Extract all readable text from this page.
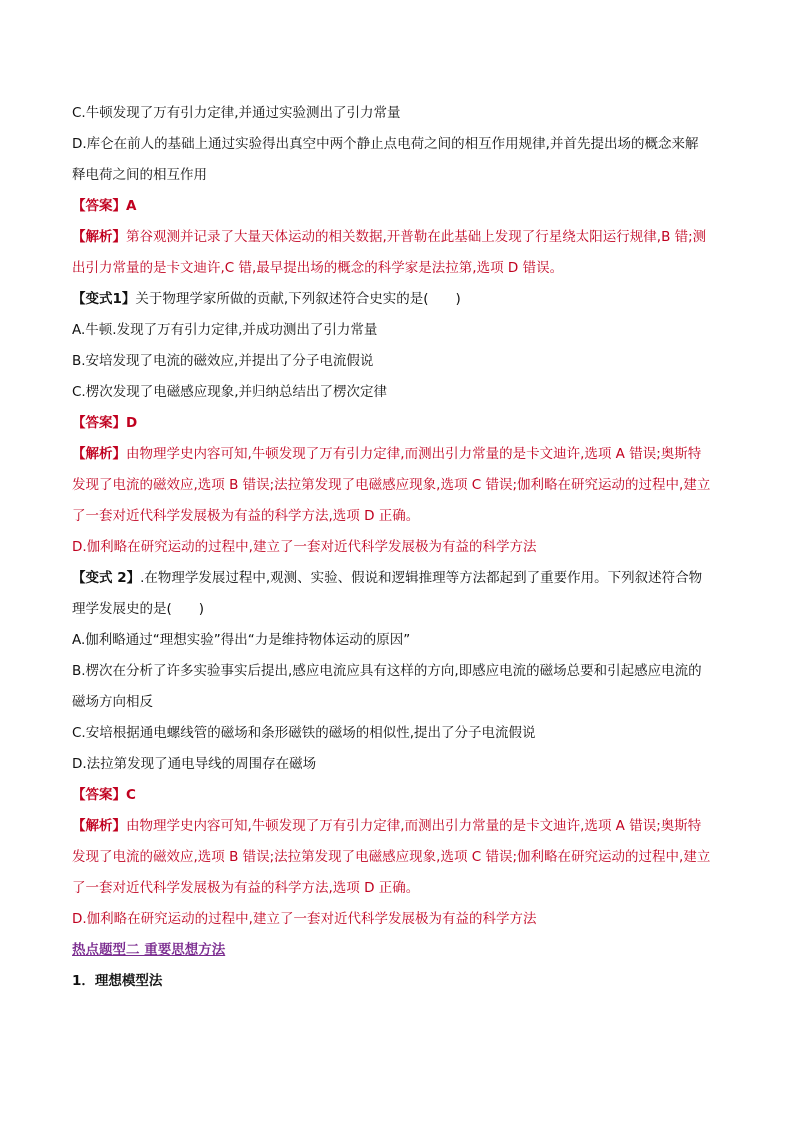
C.牛顿发现了万有引力定律,并通过实验测出了引力常量
D.库仑在前人的基础上通过实验得出真空中两个静止点电荷之间的相互作用规律,并首先提出场的概念来解
释电荷之间的相互作用
【答案】A
【解析】第谷观测并记录了大量天体运动的相关数据,开普勒在此基础上发现了行星绕太阳运行规律,B 错;测
出引力常量的是卡文迪许,C 错,最早提出场的概念的科学家是法拉第,选项 D 错误。
【变式1】关于物理学家所做的贡献,下列叙述符合史实的是(　　)
A.牛顿.发现了万有引力定律,并成功测出了引力常量
B.安培发现了电流的磁效应,并提出了分子电流假说
C.楞次发现了电磁感应现象,并归纳总结出了楞次定律
【答案】D
【解析】由物理学史内容可知,牛顿发现了万有引力定律,而测出引力常量的是卡文迪许,选项 A 错误;奥斯特
发现了电流的磁效应,选项 B 错误;法拉第发现了电磁感应现象,选项 C 错误;伽利略在研究运动的过程中,建立
了一套对近代科学发展极为有益的科学方法,选项 D 正确。
D.伽利略在研究运动的过程中,建立了一套对近代科学发展极为有益的科学方法
【变式 2】.在物理学发展过程中,观测、实验、假说和逻辑推理等方法都起到了重要作用。下列叙述符合物
理学发展史的是(　　)
A.伽利略通过“理想实验”得出“力是维持物体运动的原因”
B.楞次在分析了许多实验事实后提出,感应电流应具有这样的方向,即感应电流的磁场总要和引起感应电流的
磁场方向相反
C.安培根据通电螺线管的磁场和条形磁铁的磁场的相似性,提出了分子电流假说
D.法拉第发现了通电导线的周围存在磁场
【答案】C
【解析】由物理学史内容可知,牛顿发现了万有引力定律,而测出引力常量的是卡文迪许,选项 A 错误;奥斯特
发现了电流的磁效应,选项 B 错误;法拉第发现了电磁感应现象,选项 C 错误;伽利略在研究运动的过程中,建立
了一套对近代科学发展极为有益的科学方法,选项 D 正确。
D.伽利略在研究运动的过程中,建立了一套对近代科学发展极为有益的科学方法
热点题型二 重要思想方法
1．理想模型法
